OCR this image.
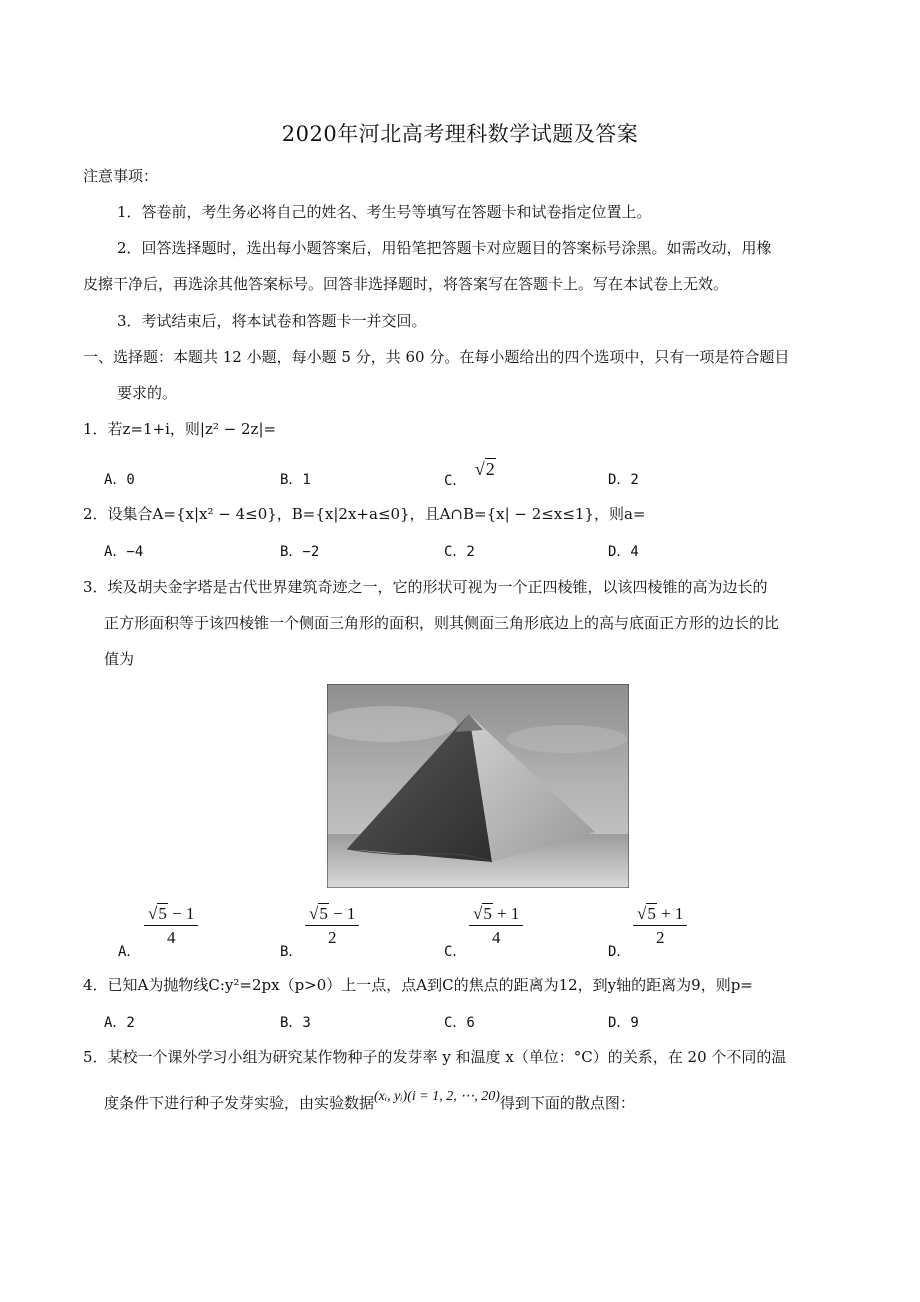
2020年河北高考理科数学试题及答案
注意事项：
1．答卷前，考生务必将自己的姓名、考生号等填写在答题卡和试卷指定位置上。
2．回答选择题时，选出每小题答案后，用铅笔把答题卡对应题目的答案标号涂黑。如需改动，用橡
皮擦干净后，再选涂其他答案标号。回答非选择题时，将答案写在答题卡上。写在本试卷上无效。
3．考试结束后，将本试卷和答题卡一并交回。
一、选择题：本题共 12 小题，每小题 5 分，共 60 分。在每小题给出的四个选项中，只有一项是符合题目
要求的。
1．若z=1+i，则|z² − 2z|=
A．0	B．1	C． √2
D．2
2．设集合A={x|x² − 4≤0}，B={x|2x+a≤0}，且A∩B={x| − 2≤x≤1}，则a=
A．−4	B．−2	C．2	D．4
3．埃及胡夫金字塔是古代世界建筑奇迹之一，它的形状可视为一个正四棱锥，以该四棱锥的高为边长的
正方形面积等于该四棱锥一个侧面三角形的面积，则其侧面三角形底边上的高与底面正方形的边长的比
值为
A．
√5 − 1
4
B．
√5 − 1
2
C．
√5 + 1
4
D．
√5 + 1
2
4．已知A为抛物线C:y²=2px（p>0）上一点，点A到C的焦点的距离为12，到y轴的距离为9，则p=
A．2	B．3	C．6	D．9
5．某校一个课外学习小组为研究某作物种子的发芽率 y 和温度 x（单位：°C）的关系，在 20 个不同的温
度条件下进行种子发芽实验，由实验数据(xᵢ, yᵢ)(i = 1, 2, ⋯, 20)得到下面的散点图：
